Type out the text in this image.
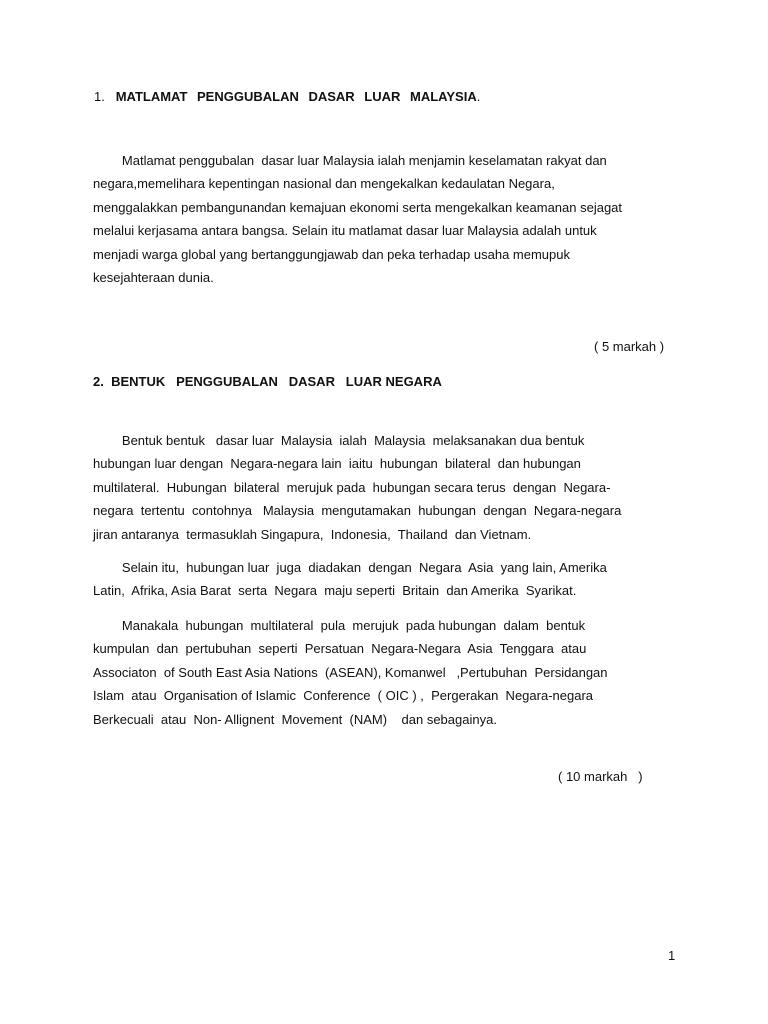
1. MATLAMAT PENGGUBALAN DASAR LUAR MALAYSIA.
Matlamat penggubalan  dasar luar Malaysia ialah menjamin keselamatan rakyat dan
negara,memelihara kepentingan nasional dan mengekalkan kedaulatan Negara,
menggalakkan pembangunandan kemajuan ekonomi serta mengekalkan keamanan sejagat
melalui kerjasama antara bangsa. Selain itu matlamat dasar luar Malaysia adalah untuk
menjadi warga global yang bertanggungjawab dan peka terhadap usaha memupuk
kesejahteraan dunia.
( 5 markah )
2.  BENTUK   PENGGUBALAN   DASAR   LUAR NEGARA
Bentuk bentuk   dasar luar  Malaysia  ialah  Malaysia  melaksanakan dua bentuk
hubungan luar dengan  Negara-negara lain  iaitu  hubungan  bilateral  dan hubungan
multilateral.  Hubungan  bilateral  merujuk pada  hubungan secara terus  dengan  Negara-
negara  tertentu  contohnya   Malaysia  mengutamakan  hubungan  dengan  Negara-negara
jiran antaranya  termasuklah Singapura,  Indonesia,  Thailand  dan Vietnam.
Selain itu,  hubungan luar  juga  diadakan  dengan  Negara  Asia  yang lain, Amerika
Latin,  Afrika, Asia Barat  serta  Negara  maju seperti  Britain  dan Amerika  Syarikat.
Manakala  hubungan  multilateral  pula  merujuk  pada hubungan  dalam  bentuk
kumpulan  dan  pertubuhan  seperti  Persatuan  Negara-Negara  Asia  Tenggara  atau
Associaton  of South East Asia Nations  (ASEAN), Komanwel   ,Pertubuhan  Persidangan
Islam  atau  Organisation of Islamic  Conference  ( OIC ) ,  Pergerakan  Negara-negara
Berkecuali  atau  Non- Allignent  Movement  (NAM)    dan sebagainya.
( 10 markah   )
1
